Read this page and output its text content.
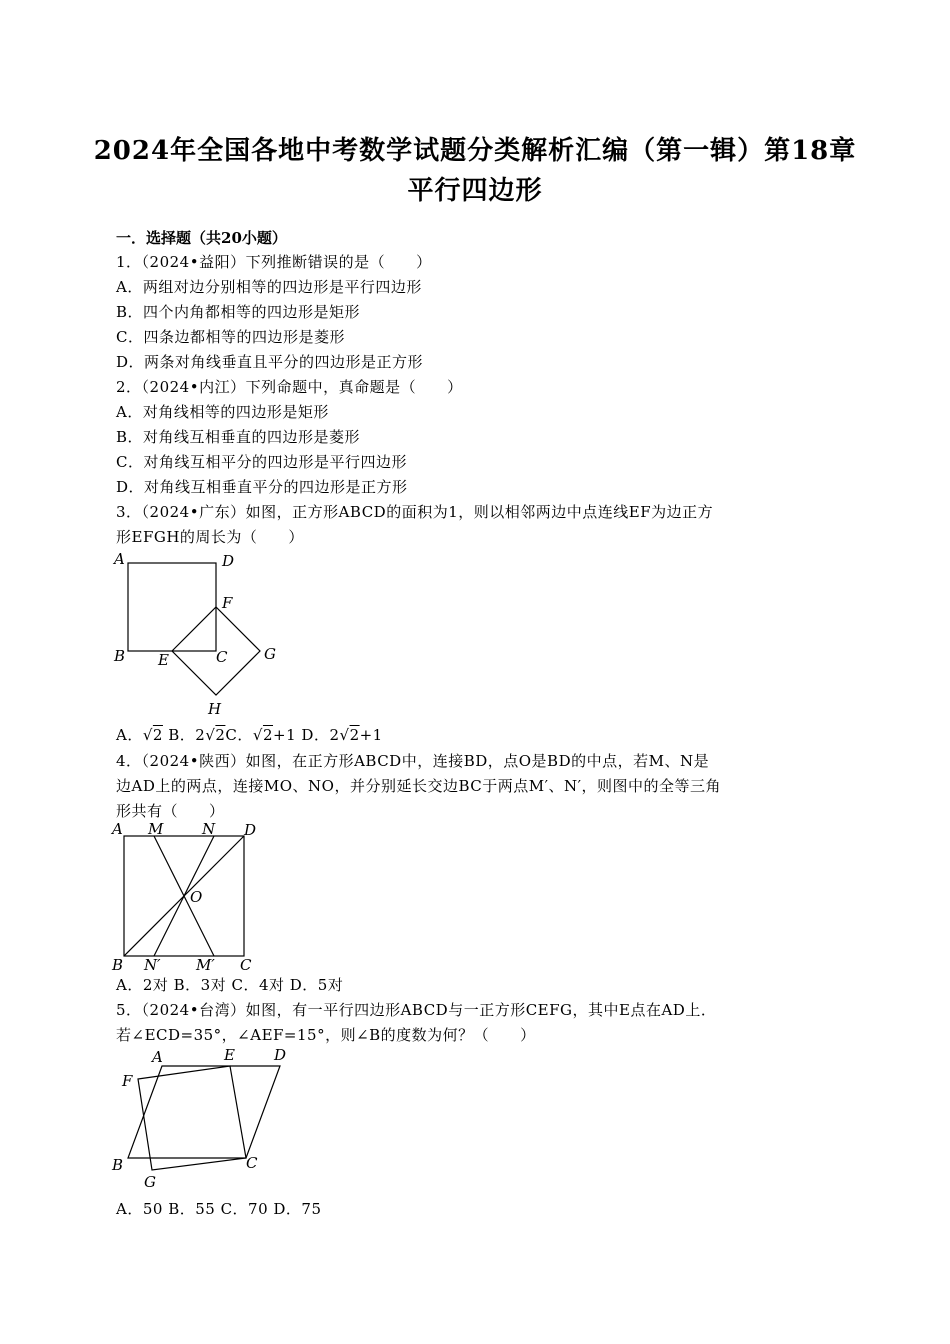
2024年全国各地中考数学试题分类解析汇编（第一辑）第18章
平行四边形
一．选择题（共20小题）
1．（2024•益阳）下列推断错误的是（　　）
A．两组对边分别相等的四边形是平行四边形
B．四个内角都相等的四边形是矩形
C．四条边都相等的四边形是菱形
D．两条对角线垂直且平分的四边形是正方形
2．（2024•内江）下列命题中，真命题是（　　）
A．对角线相等的四边形是矩形
B．对角线互相垂直的四边形是菱形
C．对角线互相平分的四边形是平行四边形
D．对角线互相垂直平分的四边形是正方形
3．（2024•广东）如图，正方形ABCD的面积为1，则以相邻两边中点连线EF为边正方
形EFGH的周长为（　　）
A	D
F
B E	C G
H
A．√2 B．2√2C．√2+1 D．2√2+1
4．（2024•陕西）如图，在正方形ABCD中，连接BD，点O是BD的中点，若M、N是
边AD上的两点，连接MO、NO，并分别延长交边BC于两点M′、N′，则图中的全等三角
形共有（　　）
A M	N D
O
B N′ M′ C
A．2对 B．3对 C．4对 D．5对
5．（2024•台湾）如图，有一平行四边形ABCD与一正方形CEFG，其中E点在AD上．
若∠ECD=35°，∠AEF=15°，则∠B的度数为何？（　　）
A	E	D
F
B	C
G
A．50 B．55 C．70 D．75
